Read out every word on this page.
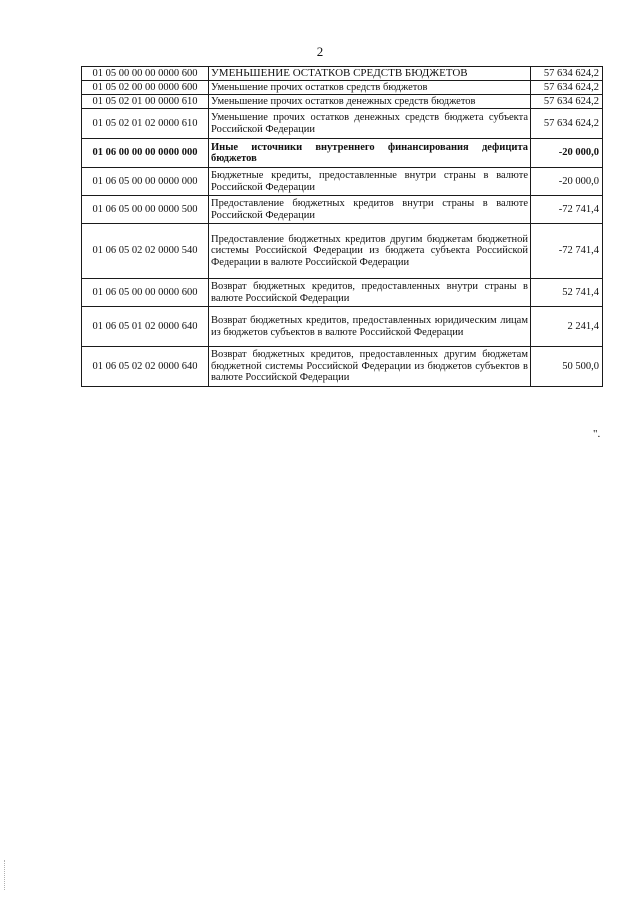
2
01 05 00 00 00 0000 600	УМЕНЬШЕНИЕ ОСТАТКОВ СРЕДСТВ БЮДЖЕТОВ	57 634 624,2
01 05 02 00 00 0000 600	Уменьшение прочих остатков средств бюджетов	57 634 624,2
01 05 02 01 00 0000 610	Уменьшение прочих остатков денежных средств бюджетов	57 634 624,2
01 05 02 01 02 0000 610	Уменьшение прочих остатков денежных средств бюджета субъекта Российской Федерации	57 634 624,2
01 06 00 00 00 0000 000	Иные источники внутреннего финансирования дефицита бюджетов	-20 000,0
01 06 05 00 00 0000 000	Бюджетные кредиты, предоставленные внутри страны в валюте Российской Федерации	-20 000,0
01 06 05 00 00 0000 500	Предоставление бюджетных кредитов внутри страны в валюте Российской Федерации	-72 741,4
01 06 05 02 02 0000 540	Предоставление бюджетных кредитов другим бюджетам бюджетной системы Российской Федерации из бюджета субъекта Российской Федерации в валюте Российской Федерации	-72 741,4
01 06 05 00 00 0000 600	Возврат бюджетных кредитов, предоставленных внутри страны в валюте Российской Федерации	52 741,4
01 06 05 01 02 0000 640	Возврат бюджетных кредитов, предоставленных юридическим лицам из бюджетов субъектов в валюте Российской Федерации	2 241,4
01 06 05 02 02 0000 640	Возврат бюджетных кредитов, предоставленных другим бюджетам бюджетной системы Российской Федерации из бюджетов субъектов в валюте Российской Федерации	50 500,0
".
